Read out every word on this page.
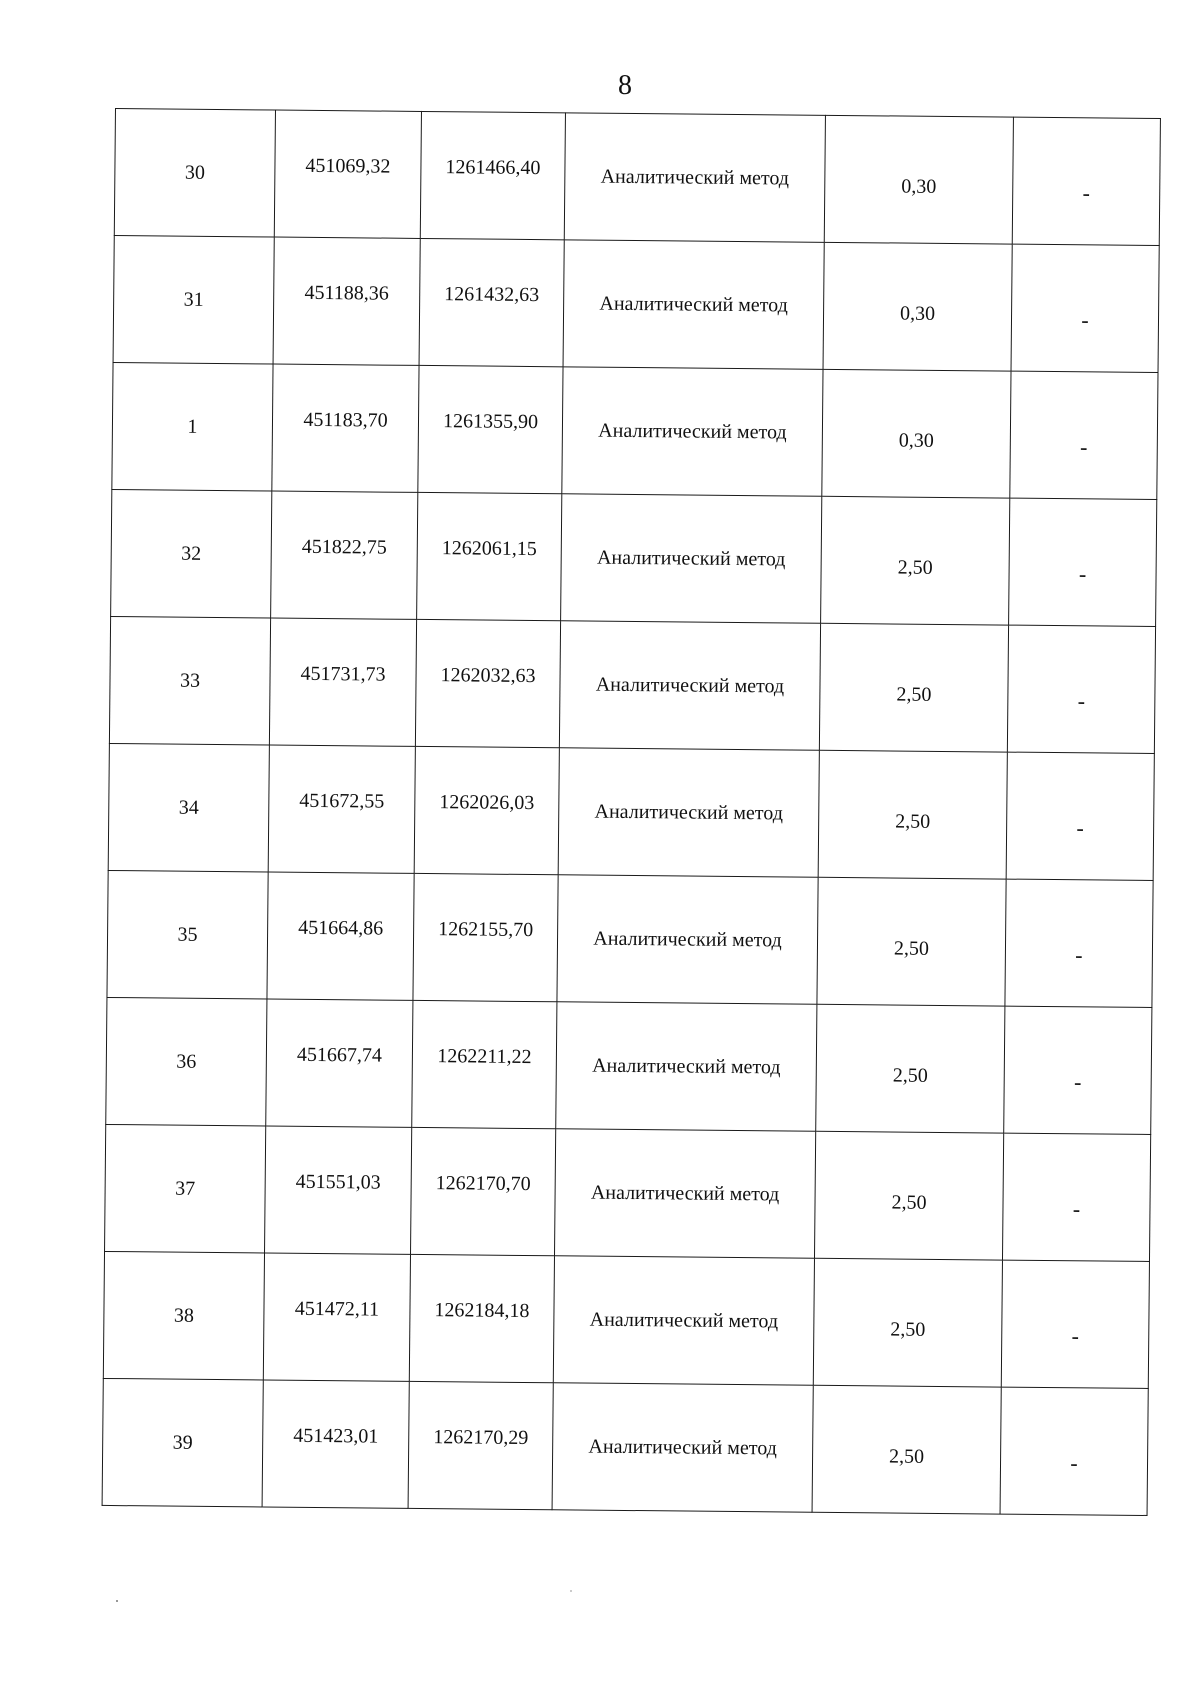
8
30	451069,32	1261466,40	Аналитический метод	0,30	-
31	451188,36	1261432,63	Аналитический метод	0,30	-
1	451183,70	1261355,90	Аналитический метод	0,30	-
32	451822,75	1262061,15	Аналитический метод	2,50	-
33	451731,73	1262032,63	Аналитический метод	2,50	-
34	451672,55	1262026,03	Аналитический метод	2,50	-
35	451664,86	1262155,70	Аналитический метод	2,50	-
36	451667,74	1262211,22	Аналитический метод	2,50	-
37	451551,03	1262170,70	Аналитический метод	2,50	-
38	451472,11	1262184,18	Аналитический метод	2,50	-
39	451423,01	1262170,29	Аналитический метод	2,50	-
